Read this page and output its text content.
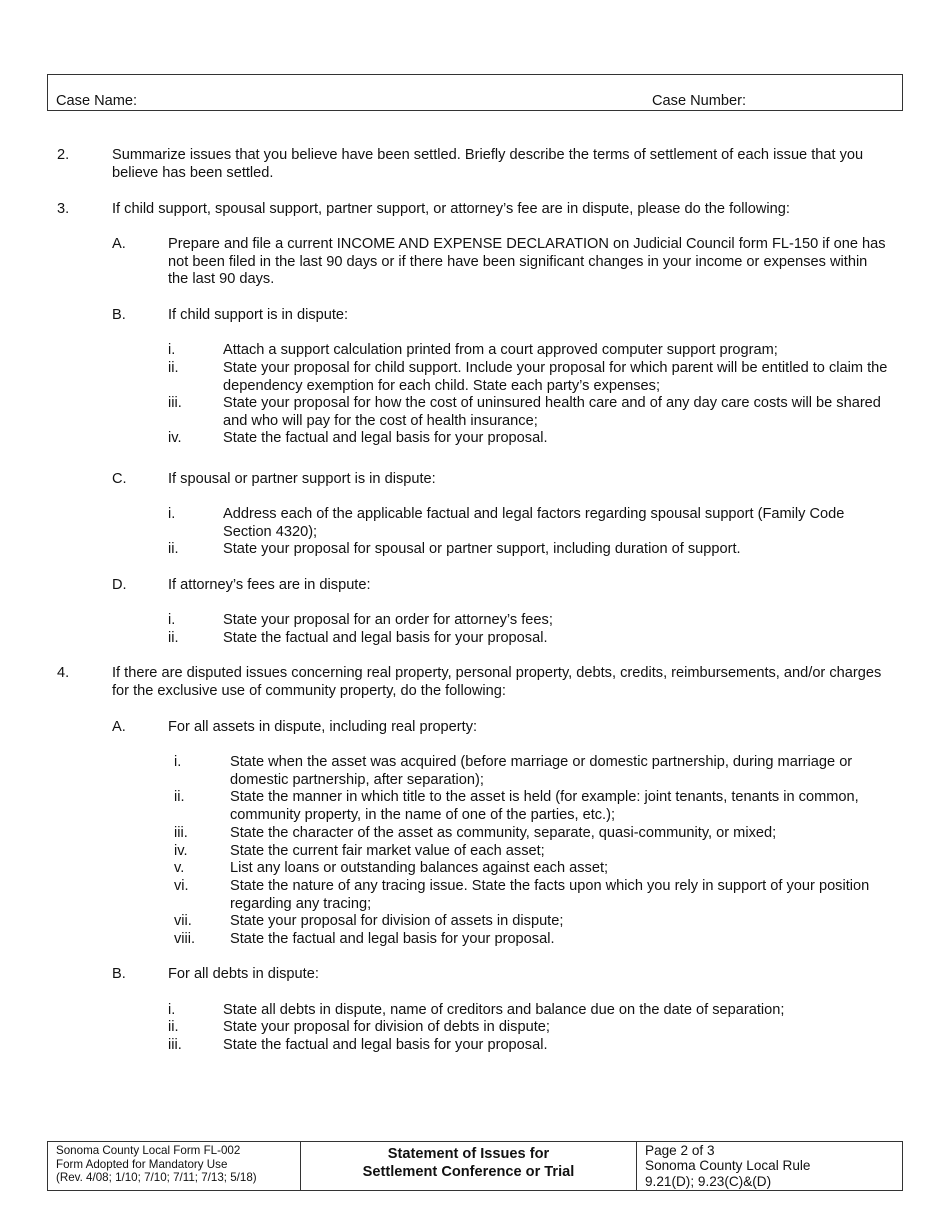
Case Name:	Case Number:
2.	Summarize issues that you believe have been settled. Briefly describe the terms of settlement of each issue that you believe has been settled.
3.	If child support, spousal support, partner support, or attorney’s fee are in dispute, please do the following:
A.	Prepare and file a current INCOME AND EXPENSE DECLARATION on Judicial Council form FL-150 if one has not been filed in the last 90 days or if there have been significant changes in your income or expenses within the last 90 days.
B.	If child support is in dispute:
i.	Attach a support calculation printed from a court approved computer support program;
ii.	State your proposal for child support. Include your proposal for which parent will be entitled to claim the dependency exemption for each child. State each party’s expenses;
iii.	State your proposal for how the cost of uninsured health care and of any day care costs will be shared and who will pay for the cost of health insurance;
iv.	State the factual and legal basis for your proposal.
C.	If spousal or partner support is in dispute:
i.	Address each of the applicable factual and legal factors regarding spousal support (Family Code Section 4320);
ii.	State your proposal for spousal or partner support, including duration of support.
D.	If attorney’s fees are in dispute:
i.	State your proposal for an order for attorney’s fees;
ii.	State the factual and legal basis for your proposal.
4.	If there are disputed issues concerning real property, personal property, debts, credits, reimbursements, and/or charges for the exclusive use of community property, do the following:
A.	For all assets in dispute, including real property:
i.	State when the asset was acquired (before marriage or domestic partnership, during marriage or domestic partnership, after separation);
ii.	State the manner in which title to the asset is held (for example: joint tenants, tenants in common, community property, in the name of one of the parties, etc.);
iii.	State the character of the asset as community, separate, quasi-community, or mixed;
iv.	State the current fair market value of each asset;
v.	List any loans or outstanding balances against each asset;
vi.	State the nature of any tracing issue. State the facts upon which you rely in support of your position regarding any tracing;
vii.	State your proposal for division of assets in dispute;
viii. State the factual and legal basis for your proposal.
B.	For all debts in dispute:
i.	State all debts in dispute, name of creditors and balance due on the date of separation;
ii.	State your proposal for division of debts in dispute;
iii.	State the factual and legal basis for your proposal.
Sonoma County Local Form FL-002
Form Adopted for Mandatory Use
(Rev. 4/08; 1/10; 7/10; 7/11; 7/13; 5/18)
Statement of Issues for
Settlement Conference or Trial
Page 2 of 3
Sonoma County Local Rule
9.21(D); 9.23(C)&(D)
